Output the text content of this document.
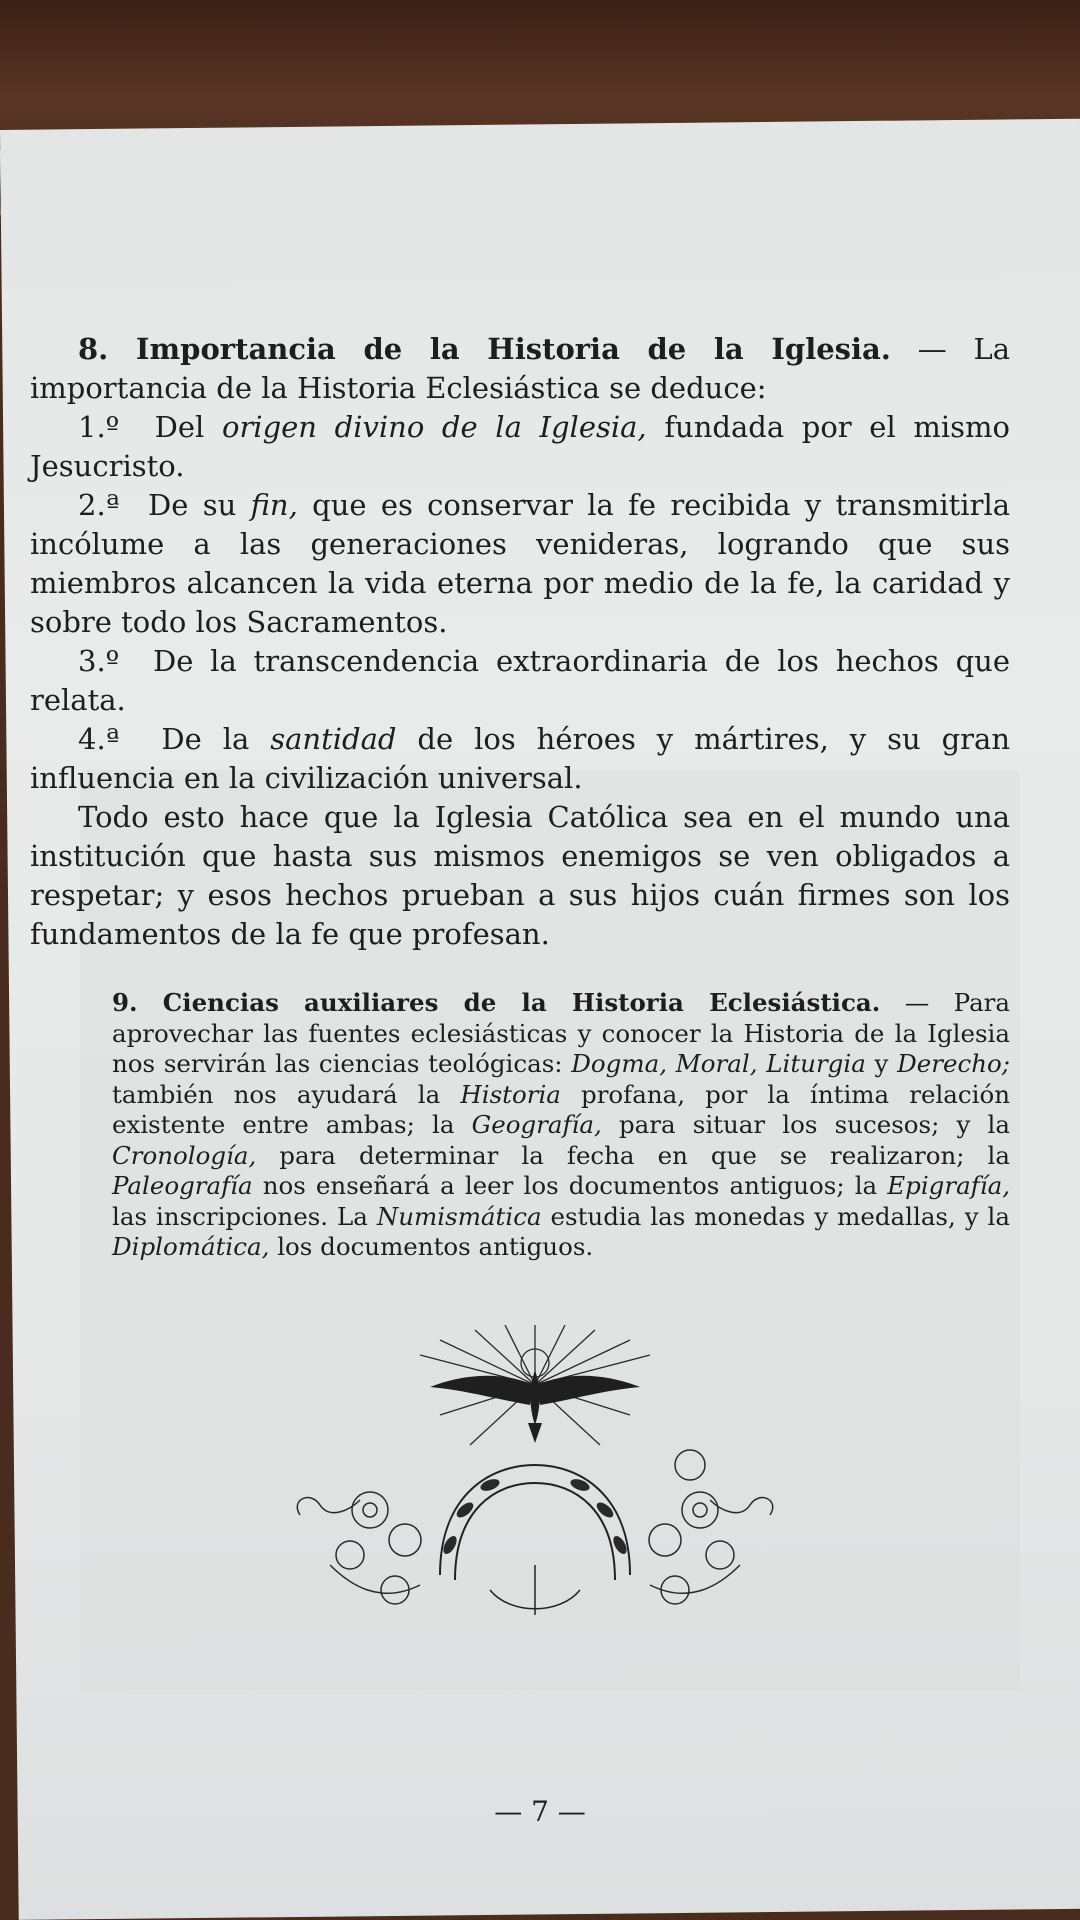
8. Importancia de la Historia de la Iglesia. — La importancia de la Historia Eclesiástica se deduce:

1.º Del origen divino de la Iglesia, fundada por el mismo Jesucristo.

2.ª De su fin, que es conservar la fe recibida y transmitirla incólume a las generaciones venideras, logrando que sus miembros alcancen la vida eterna por medio de la fe, la caridad y sobre todo los Sacramentos.

3.º De la transcendencia extraordinaria de los hechos que relata.

4.ª De la santidad de los héroes y mártires, y su gran influencia en la civilización universal.

Todo esto hace que la Iglesia Católica sea en el mundo una institución que hasta sus mismos enemigos se ven obligados a respetar; y esos hechos prueban a sus hijos cuán firmes son los fundamentos de la fe que profesan.

9. Ciencias auxiliares de la Historia Eclesiástica. — Para aprovechar las fuentes eclesiásticas y conocer la Historia de la Iglesia nos servirán las ciencias teológicas: Dogma, Moral, Liturgia y Derecho; también nos ayudará la Historia profana, por la íntima relación existente entre ambas; la Geografía, para situar los sucesos; y la Cronología, para determinar la fecha en que se realizaron; la Paleografía nos enseñará a leer los documentos antiguos; la Epigrafía, las inscripciones. La Numismática estudia las monedas y medallas, y la Diplomática, los documentos antiguos.

— 7 —
